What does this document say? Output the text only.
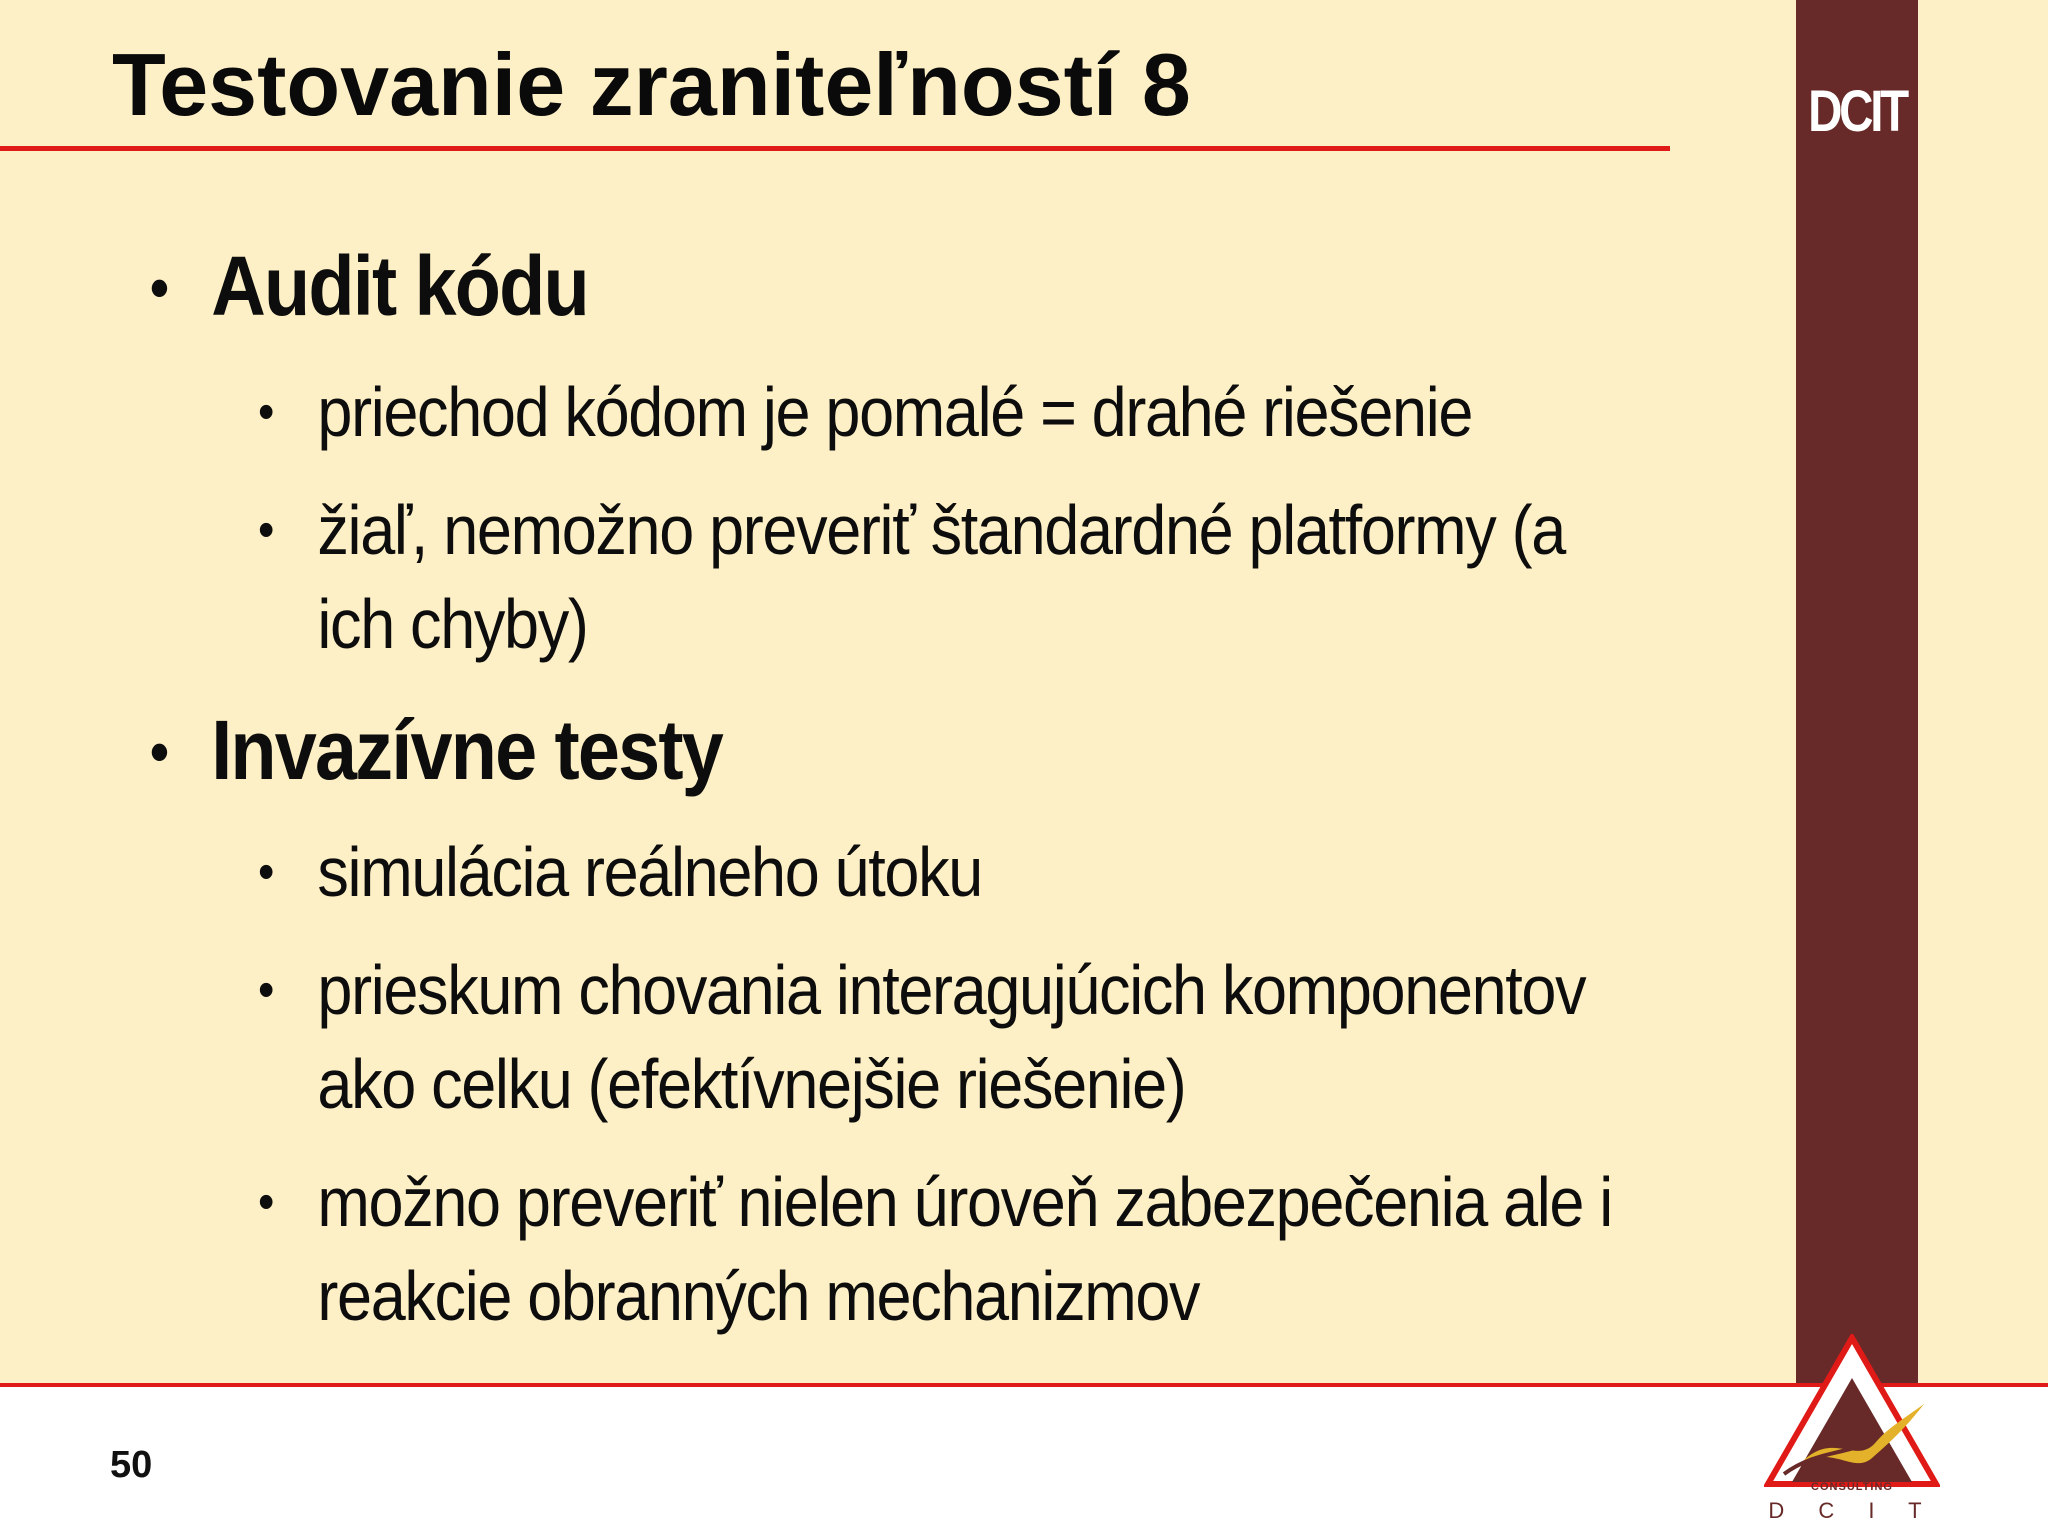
Testovanie zraniteľností 8	DCIT
• Audit kódu
• priechod kódom je pomalé = drahé riešenie
• žiaľ, nemožno preveriť štandardné platformy (a ich chyby)
• Invazívne testy
• simulácia reálneho útoku
• prieskum chovania interagujúcich komponentov ako celku (efektívnejšie riešenie)
• možno preveriť nielen úroveň zabezpečenia ale i reakcie obranných mechanizmov
50
CONSULTING
D C I T
